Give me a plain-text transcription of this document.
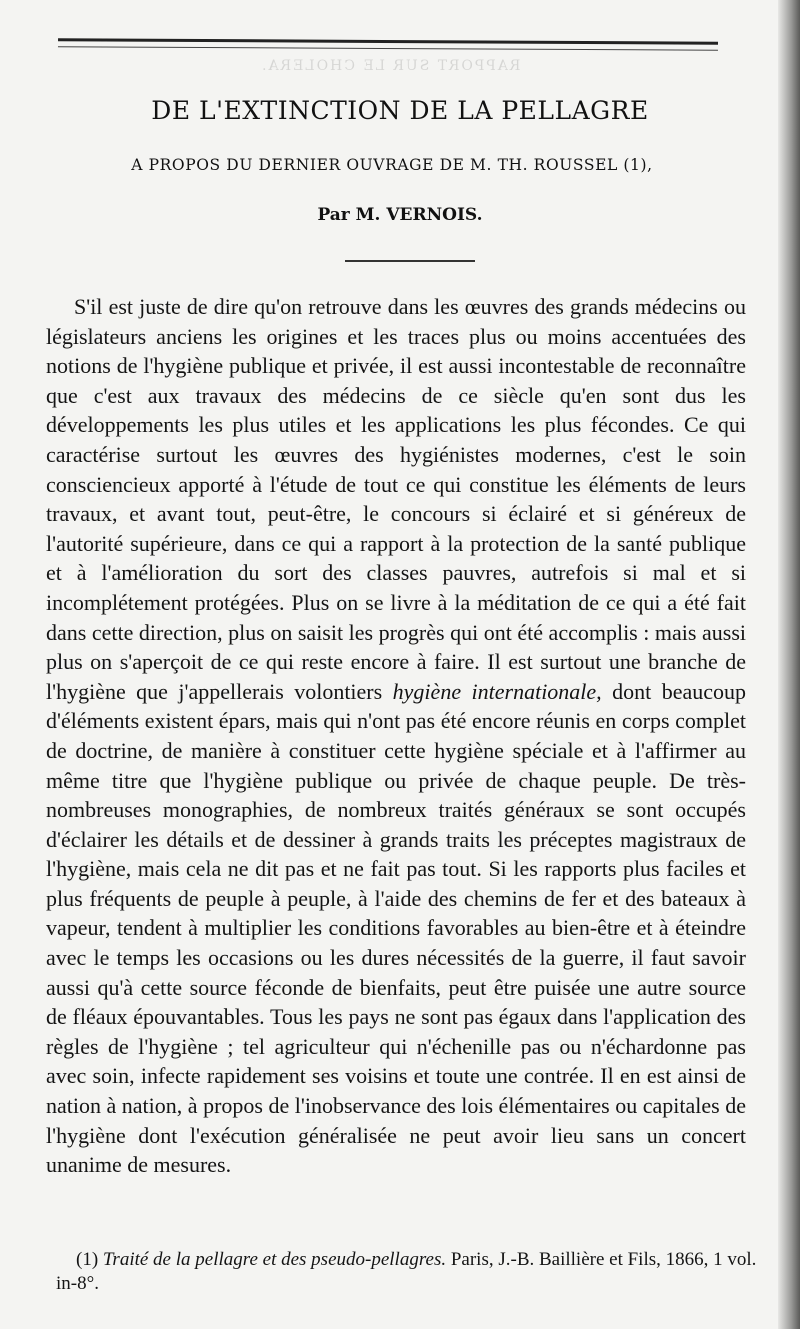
RAPPORT SUR LE CHOLERA.
DE L'EXTINCTION DE LA PELLAGRE
A PROPOS DU DERNIER OUVRAGE DE M. TH. ROUSSEL (1),
Par M. VERNOIS.

S'il est juste de dire qu'on retrouve dans les œuvres des grands médecins ou législateurs anciens les origines et les traces plus ou moins accentuées des notions de l'hygiène publique et privée, il est aussi incontestable de reconnaître que c'est aux travaux des médecins de ce siècle qu'en sont dus les développements les plus utiles et les applications les plus fécondes. Ce qui caractérise surtout les œuvres des hygiénistes modernes, c'est le soin consciencieux apporté à l'étude de tout ce qui constitue les éléments de leurs travaux, et avant tout, peut-être, le concours si éclairé et si généreux de l'autorité supérieure, dans ce qui a rapport à la protection de la santé publique et à l'amélioration du sort des classes pauvres, autrefois si mal et si incomplétement protégées. Plus on se livre à la méditation de ce qui a été fait dans cette direction, plus on saisit les progrès qui ont été accomplis : mais aussi plus on s'aperçoit de ce qui reste encore à faire. Il est surtout une branche de l'hygiène que j'appellerais volontiers hygiène internationale, dont beaucoup d'éléments existent épars, mais qui n'ont pas été encore réunis en corps complet de doctrine, de manière à constituer cette hygiène spéciale et à l'affirmer au même titre que l'hygiène publique ou privée de chaque peuple. De très-nombreuses monographies, de nombreux traités généraux se sont occupés d'éclairer les détails et de dessiner à grands traits les préceptes magistraux de l'hygiène, mais cela ne dit pas et ne fait pas tout. Si les rapports plus faciles et plus fréquents de peuple à peuple, à l'aide des chemins de fer et des bateaux à vapeur, tendent à multiplier les conditions favorables au bien-être et à éteindre avec le temps les occasions ou les dures nécessités de la guerre, il faut savoir aussi qu'à cette source féconde de bienfaits, peut être puisée une autre source de fléaux épouvantables. Tous les pays ne sont pas égaux dans l'application des règles de l'hygiène ; tel agriculteur qui n'échenille pas ou n'échardonne pas avec soin, infecte rapidement ses voisins et toute une contrée. Il en est ainsi de nation à nation, à propos de l'inobservance des lois élémentaires ou capitales de l'hygiène dont l'exécution généralisée ne peut avoir lieu sans un concert unanime de mesures.

(1) Traité de la pellagre et des pseudo-pellagres. Paris, J.-B. Baillière et Fils, 1866, 1 vol. in-8°.
